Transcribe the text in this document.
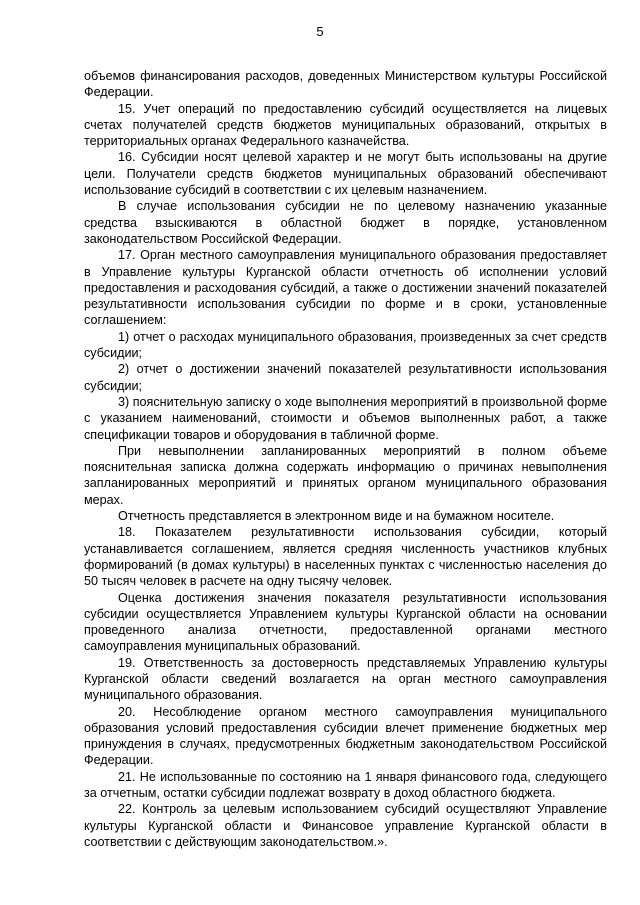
5

объемов финансирования расходов, доведенных Министерством культуры Российской Федерации.

15. Учет операций по предоставлению субсидий осуществляется на лицевых счетах получателей средств бюджетов муниципальных образований, открытых в территориальных органах Федерального казначейства.

16. Субсидии носят целевой характер и не могут быть использованы на другие цели. Получатели средств бюджетов муниципальных образований обеспечивают использование субсидий в соответствии с их целевым назначением.

В случае использования субсидии не по целевому назначению указанные средства взыскиваются в областной бюджет в порядке, установленном законодательством Российской Федерации.

17. Орган местного самоуправления муниципального образования предоставляет в Управление культуры Курганской области отчетность об исполнении условий предоставления и расходования субсидий, а также о достижении значений показателей результативности использования субсидии по форме и в сроки, установленные соглашением:

1) отчет о расходах муниципального образования, произведенных за счет средств субсидии;

2) отчет о достижении значений показателей результативности использования субсидии;

3) пояснительную записку о ходе выполнения мероприятий в произвольной форме с указанием наименований, стоимости и объемов выполненных работ, а также спецификации товаров и оборудования в табличной форме.

При невыполнении запланированных мероприятий в полном объеме пояснительная записка должна содержать информацию о причинах невыполнения запланированных мероприятий и принятых органом муниципального образования мерах.

Отчетность представляется в электронном виде и на бумажном носителе.

18. Показателем результативности использования субсидии, который устанавливается соглашением, является средняя численность участников клубных формирований (в домах культуры) в населенных пунктах с численностью населения до 50 тысяч человек в расчете на одну тысячу человек.

Оценка достижения значения показателя результативности использования субсидии осуществляется Управлением культуры Курганской области на основании проведенного анализа отчетности, предоставленной органами местного самоуправления муниципальных образований.

19. Ответственность за достоверность представляемых Управлению культуры Курганской области сведений возлагается на орган местного самоуправления муниципального образования.

20. Несоблюдение органом местного самоуправления муниципального образования условий предоставления субсидии влечет применение бюджетных мер принуждения в случаях, предусмотренных бюджетным законодательством Российской Федерации.

21. Не использованные по состоянию на 1 января финансового года, следующего за отчетным, остатки субсидии подлежат возврату в доход областного бюджета.

22. Контроль за целевым использованием субсидий осуществляют Управление культуры Курганской области и Финансовое управление Курганской области в соответствии с действующим законодательством.».
